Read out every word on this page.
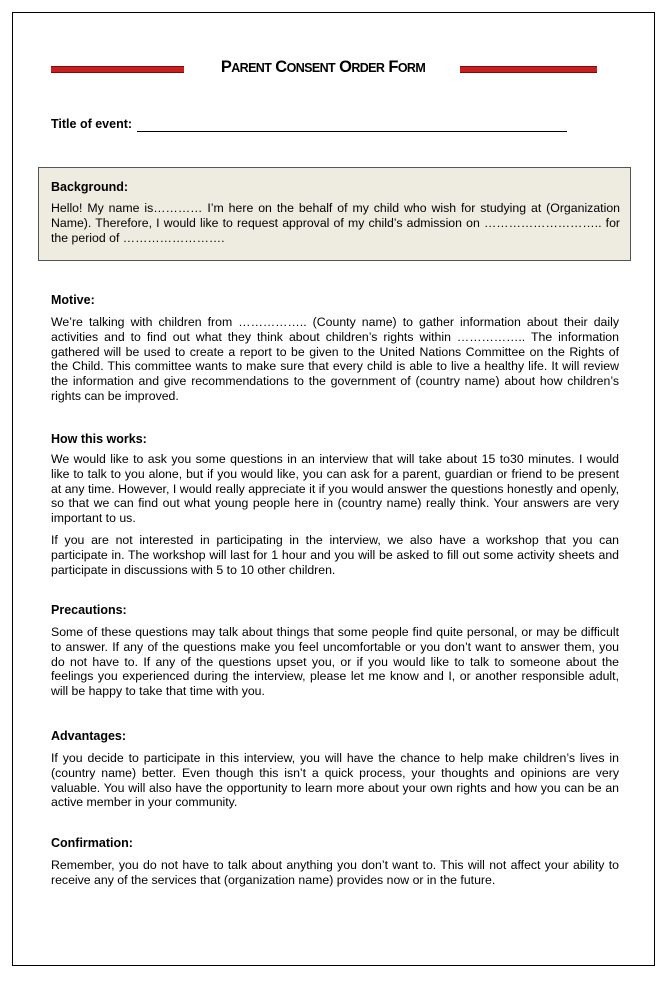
PARENT CONSENT ORDER FORM
Title of event:
Background:
Hello! My name is………… I’m here on the behalf of my child who wish for studying at (Organization Name). Therefore, I would like to request approval of my child’s admission on ……………………….. for the period of …………………….
Motive:
We’re talking with children from …………….. (County name) to gather information about their daily activities and to find out what they think about children’s rights within …………….. The information gathered will be used to create a report to be given to the United Nations Committee on the Rights of the Child. This committee wants to make sure that every child is able to live a healthy life. It will review the information and give recommendations to the government of (country name) about how children’s rights can be improved.
How this works:
We would like to ask you some questions in an interview that will take about 15 to30 minutes. I would like to talk to you alone, but if you would like, you can ask for a parent, guardian or friend to be present at any time. However, I would really appreciate it if you would answer the questions honestly and openly, so that we can find out what young people here in (country name) really think. Your answers are very important to us.
If you are not interested in participating in the interview, we also have a workshop that you can participate in. The workshop will last for 1 hour and you will be asked to fill out some activity sheets and participate in discussions with 5 to 10 other children.
Precautions:
Some of these questions may talk about things that some people find quite personal, or may be difficult to answer. If any of the questions make you feel uncomfortable or you don’t want to answer them, you do not have to. If any of the questions upset you, or if you would like to talk to someone about the feelings you experienced during the interview, please let me know and I, or another responsible adult, will be happy to take that time with you.
Advantages:
If you decide to participate in this interview, you will have the chance to help make children’s lives in (country name) better. Even though this isn’t a quick process, your thoughts and opinions are very valuable. You will also have the opportunity to learn more about your own rights and how you can be an active member in your community.
Confirmation:
Remember, you do not have to talk about anything you don’t want to. This will not affect your ability to receive any of the services that (organization name) provides now or in the future.
